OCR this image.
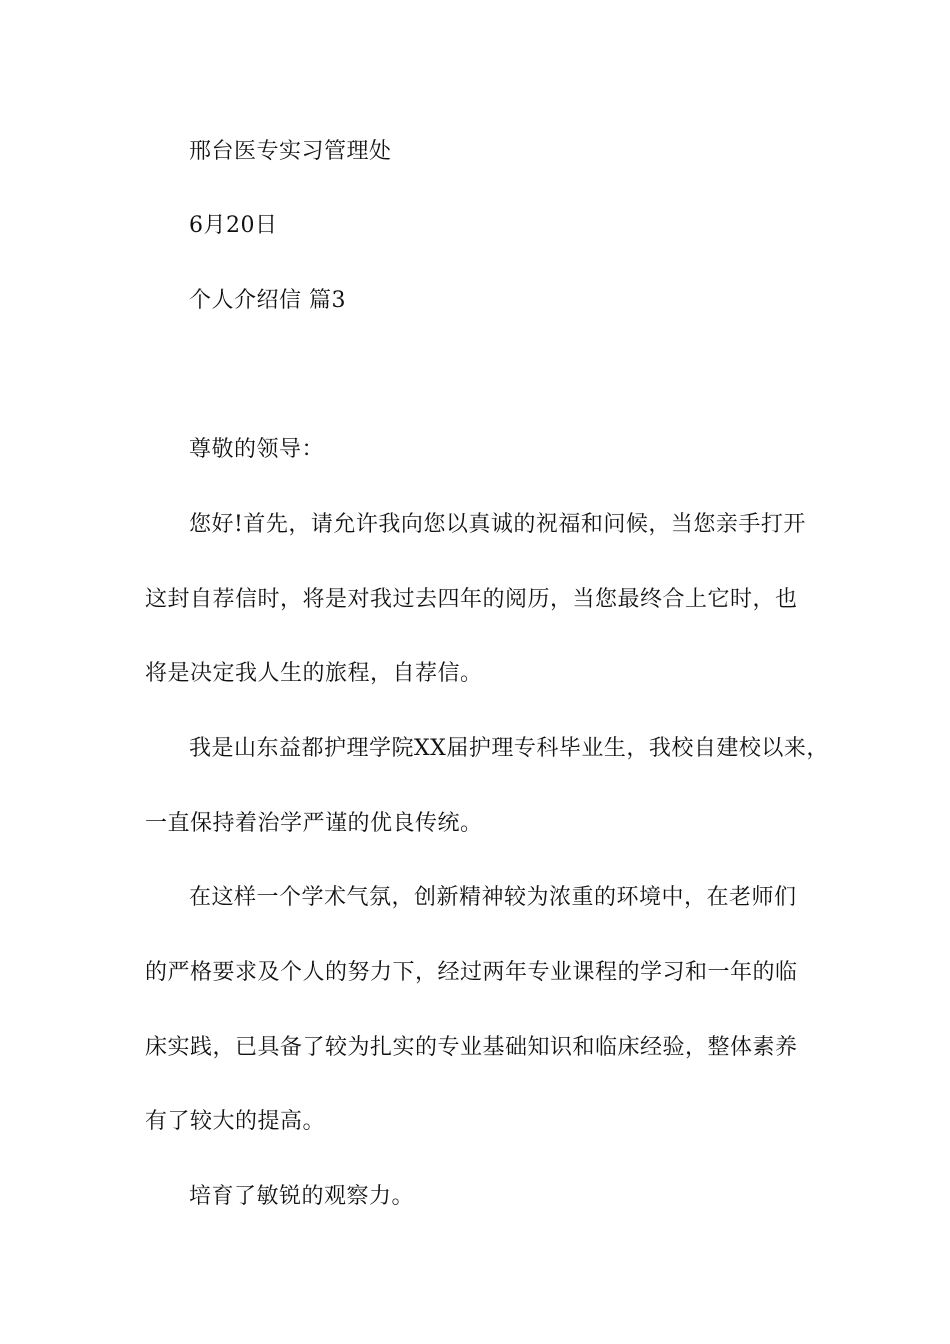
邢台医专实习管理处
6月20日
个人介绍信 篇3
尊敬的领导：
您好!首先，请允许我向您以真诚的祝福和问候，当您亲手打开
这封自荐信时，将是对我过去四年的阅历，当您最终合上它时，也
将是决定我人生的旅程，自荐信。
我是山东益都护理学院XX届护理专科毕业生，我校自建校以来，
一直保持着治学严谨的优良传统。
在这样一个学术气氛，创新精神较为浓重的环境中，在老师们
的严格要求及个人的努力下，经过两年专业课程的学习和一年的临
床实践，已具备了较为扎实的专业基础知识和临床经验，整体素养
有了较大的提高。
培育了敏锐的观察力。
